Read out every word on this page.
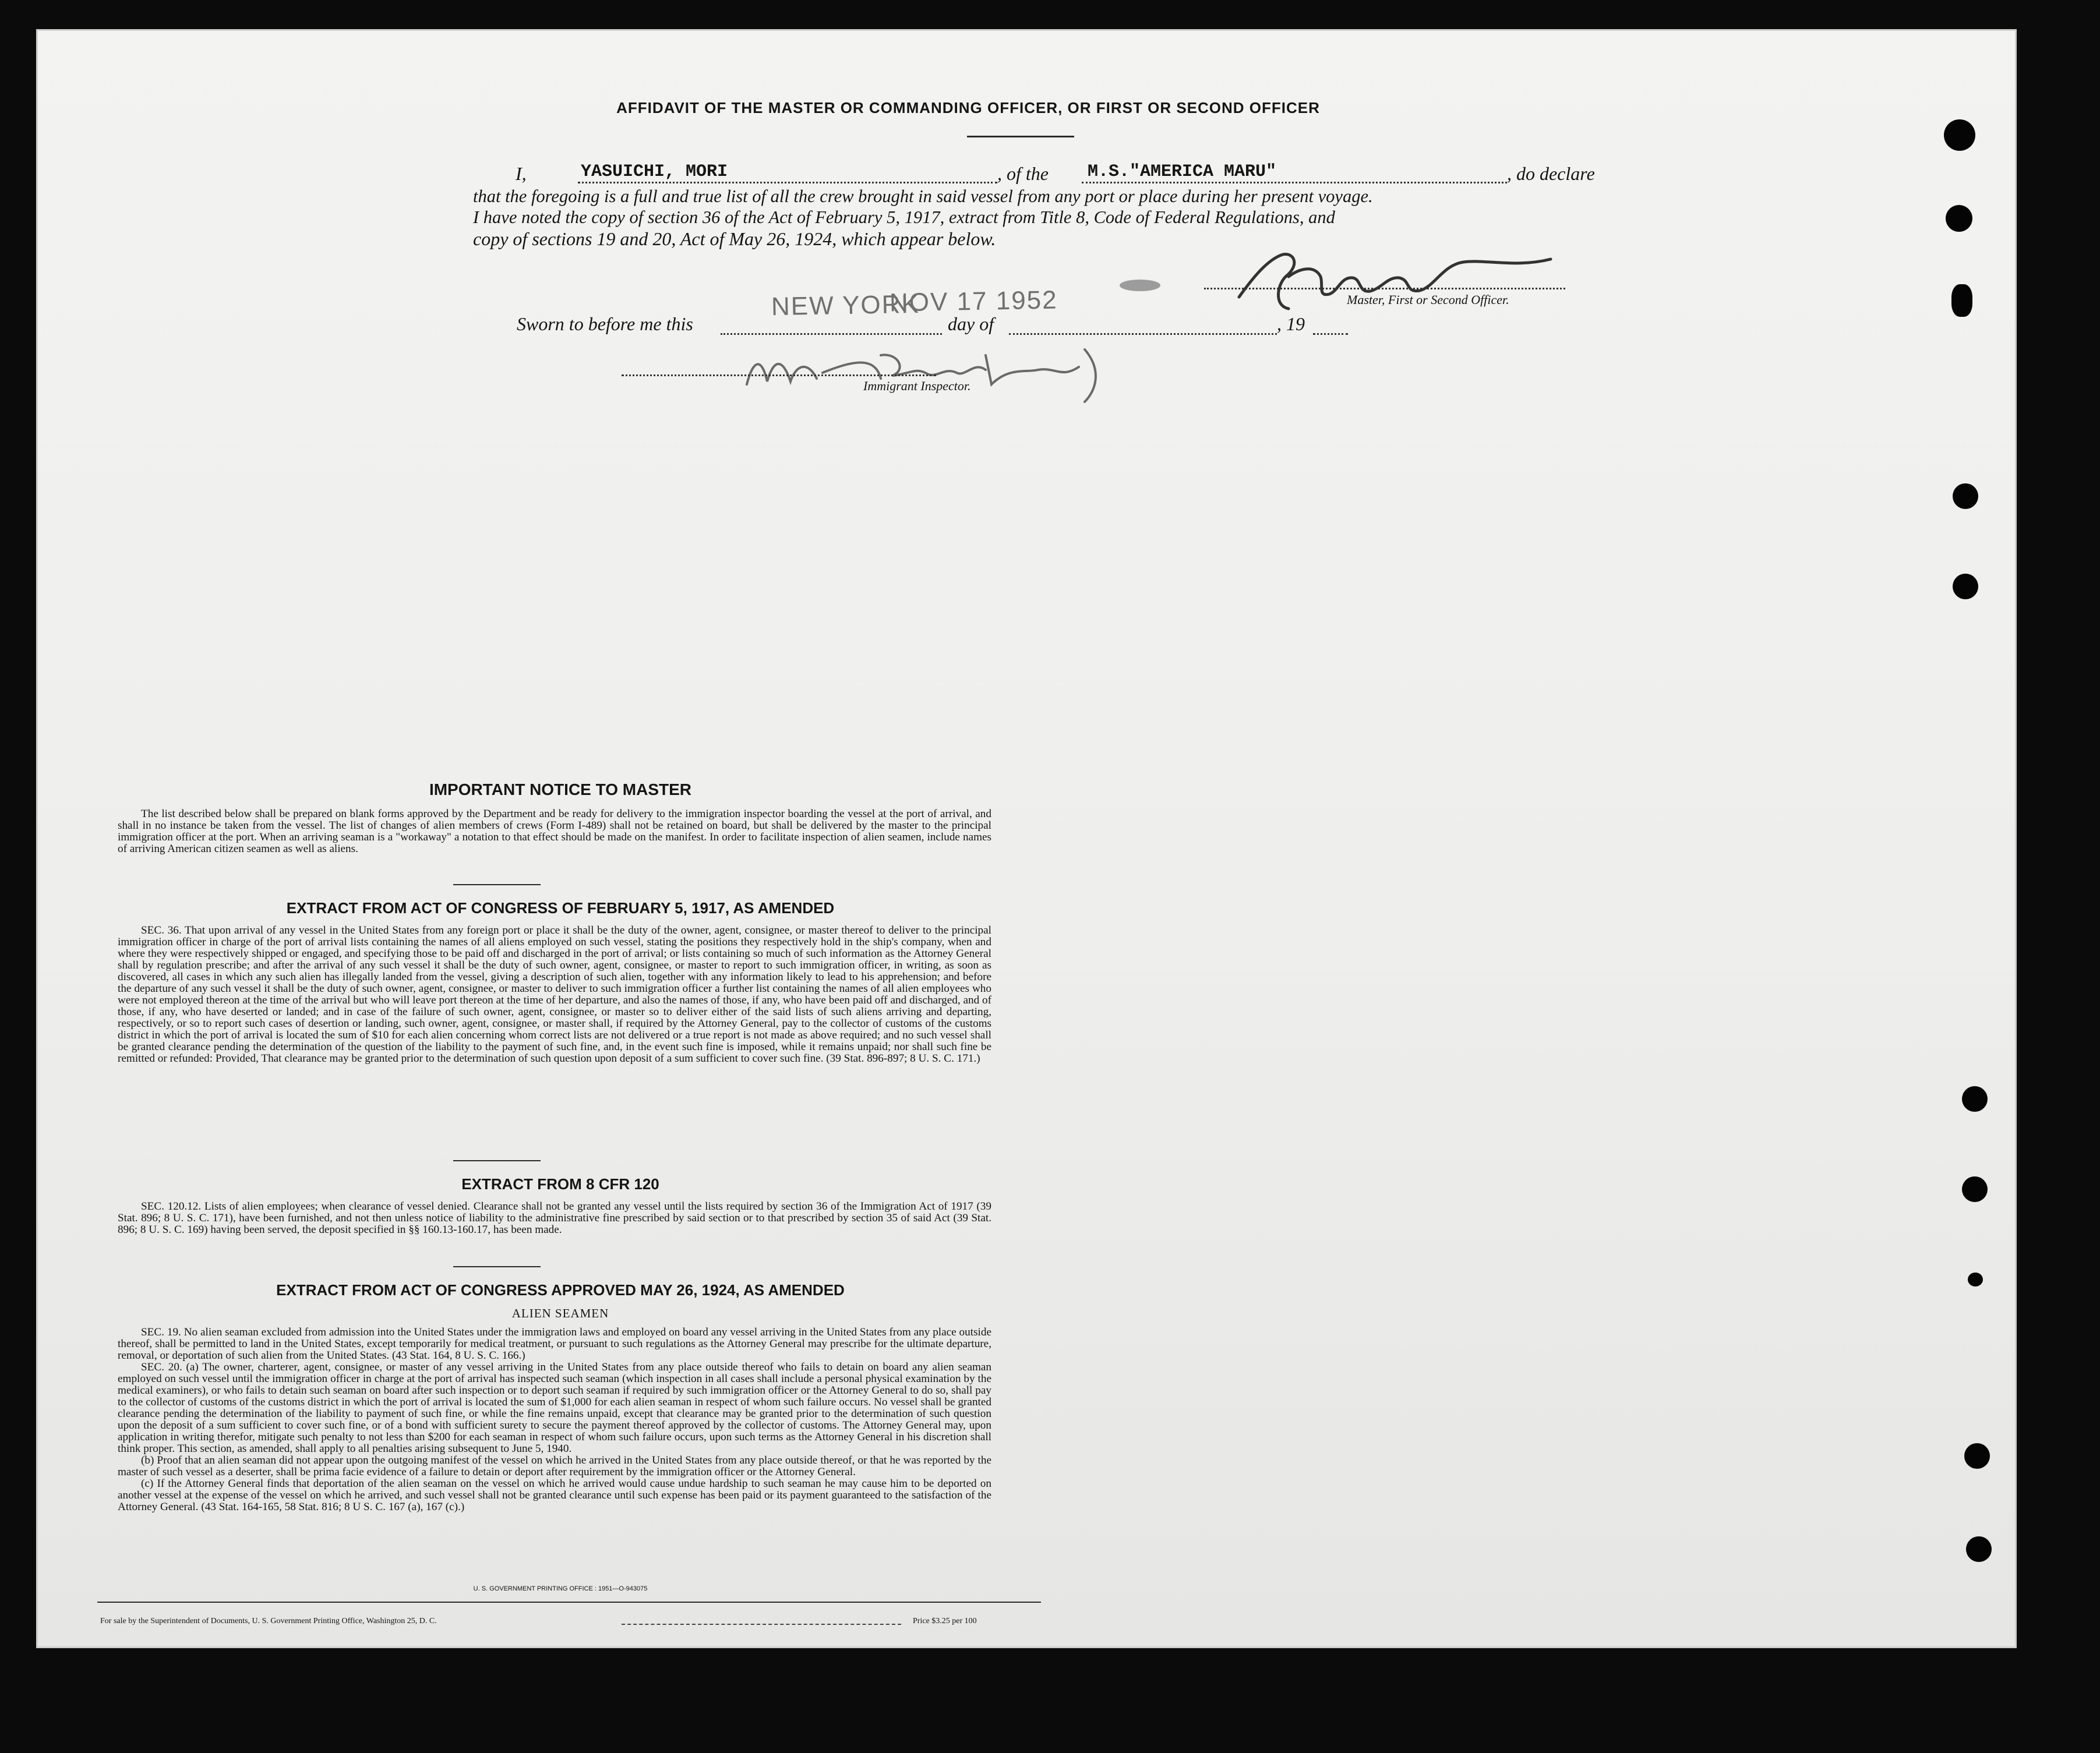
AFFIDAVIT OF THE MASTER OR COMMANDING OFFICER, OR FIRST OR SECOND OFFICER
I,	YASUICHI, MORI	, of the M.S."AMERICA MARU"	, do declare
that the foregoing is a full and true list of all the crew brought in said vessel from any port or place during her present voyage.
I have noted the copy of section 36 of the Act of February 5, 1917, extract from Title 8, Code of Federal Regulations, and
copy of sections 19 and 20, Act of May 26, 1924, which appear below.
Master, First or Second Officer.
Sworn to before me this
NEW YORK
NOV 17 1952
day of	, 19
Immigrant Inspector.
IMPORTANT NOTICE TO MASTER

The list described below shall be prepared on blank forms approved by the Department and be ready for delivery to the immigration inspector boarding the vessel at the port of arrival, and shall in no instance be taken from the vessel. The list of changes of alien members of crews (Form I-489) shall not be retained on board, but shall be delivered by the master to the principal immigration officer at the port. When an arriving seaman is a "workaway" a notation to that effect should be made on the manifest. In order to facilitate inspection of alien seamen, include names of arriving American citizen seamen as well as aliens.

EXTRACT FROM ACT OF CONGRESS OF FEBRUARY 5, 1917, AS AMENDED

SEC. 36. That upon arrival of any vessel in the United States from any foreign port or place it shall be the duty of the owner, agent, consignee, or master thereof to deliver to the principal immigration officer in charge of the port of arrival lists containing the names of all aliens employed on such vessel, stating the positions they respectively hold in the ship's company, when and where they were respectively shipped or engaged, and specifying those to be paid off and discharged in the port of arrival; or lists containing so much of such information as the Attorney General shall by regulation prescribe; and after the arrival of any such vessel it shall be the duty of such owner, agent, consignee, or master to report to such immigration officer, in writing, as soon as discovered, all cases in which any such alien has illegally landed from the vessel, giving a description of such alien, together with any information likely to lead to his apprehension; and before the departure of any such vessel it shall be the duty of such owner, agent, consignee, or master to deliver to such immigration officer a further list containing the names of all alien employees who were not employed thereon at the time of the arrival but who will leave port thereon at the time of her departure, and also the names of those, if any, who have been paid off and discharged, and of those, if any, who have deserted or landed; and in case of the failure of such owner, agent, consignee, or master so to deliver either of the said lists of such aliens arriving and departing, respectively, or so to report such cases of desertion or landing, such owner, agent, consignee, or master shall, if required by the Attorney General, pay to the collector of customs of the customs district in which the port of arrival is located the sum of $10 for each alien concerning whom correct lists are not delivered or a true report is not made as above required; and no such vessel shall be granted clearance pending the determination of the question of the liability to the payment of such fine, and, in the event such fine is imposed, while it remains unpaid; nor shall such fine be remitted or refunded: Provided, That clearance may be granted prior to the determination of such question upon deposit of a sum sufficient to cover such fine. (39 Stat. 896-897; 8 U. S. C. 171.)

EXTRACT FROM 8 CFR 120

SEC. 120.12. Lists of alien employees; when clearance of vessel denied. Clearance shall not be granted any vessel until the lists required by section 36 of the Immigration Act of 1917 (39 Stat. 896; 8 U. S. C. 171), have been furnished, and not then unless notice of liability to the administrative fine prescribed by said section or to that prescribed by section 35 of said Act (39 Stat. 896; 8 U. S. C. 169) having been served, the deposit specified in §§ 160.13-160.17, has been made.

EXTRACT FROM ACT OF CONGRESS APPROVED MAY 26, 1924, AS AMENDED
ALIEN SEAMEN

SEC. 19. No alien seaman excluded from admission into the United States under the immigration laws and employed on board any vessel arriving in the United States from any place outside thereof, shall be permitted to land in the United States, except temporarily for medical treatment, or pursuant to such regulations as the Attorney General may prescribe for the ultimate departure, removal, or deportation of such alien from the United States. (43 Stat. 164, 8 U. S. C. 166.)

SEC. 20. (a) The owner, charterer, agent, consignee, or master of any vessel arriving in the United States from any place outside thereof who fails to detain on board any alien seaman employed on such vessel until the immigration officer in charge at the port of arrival has inspected such seaman (which inspection in all cases shall include a personal physical examination by the medical examiners), or who fails to detain such seaman on board after such inspection or to deport such seaman if required by such immigration officer or the Attorney General to do so, shall pay to the collector of customs of the customs district in which the port of arrival is located the sum of $1,000 for each alien seaman in respect of whom such failure occurs. No vessel shall be granted clearance pending the determination of the liability to payment of such fine, or while the fine remains unpaid, except that clearance may be granted prior to the determination of such question upon the deposit of a sum sufficient to cover such fine, or of a bond with sufficient surety to secure the payment thereof approved by the collector of customs. The Attorney General may, upon application in writing therefor, mitigate such penalty to not less than $200 for each seaman in respect of whom such failure occurs, upon such terms as the Attorney General in his discretion shall think proper. This section, as amended, shall apply to all penalties arising subsequent to June 5, 1940.

(b) Proof that an alien seaman did not appear upon the outgoing manifest of the vessel on which he arrived in the United States from any place outside thereof, or that he was reported by the master of such vessel as a deserter, shall be prima facie evidence of a failure to detain or deport after requirement by the immigration officer or the Attorney General.

(c) If the Attorney General finds that deportation of the alien seaman on the vessel on which he arrived would cause undue hardship to such seaman he may cause him to be deported on another vessel at the expense of the vessel on which he arrived, and such vessel shall not be granted clearance until such expense has been paid or its payment guaranteed to the satisfaction of the Attorney General. (43 Stat. 164-165, 58 Stat. 816; 8 U S. C. 167 (a), 167 (c).)

U. S. GOVERNMENT PRINTING OFFICE : 1951—O-943075
For sale by the Superintendent of Documents, U. S. Government Printing Office, Washington 25, D. C.	Price $3.25 per 100
